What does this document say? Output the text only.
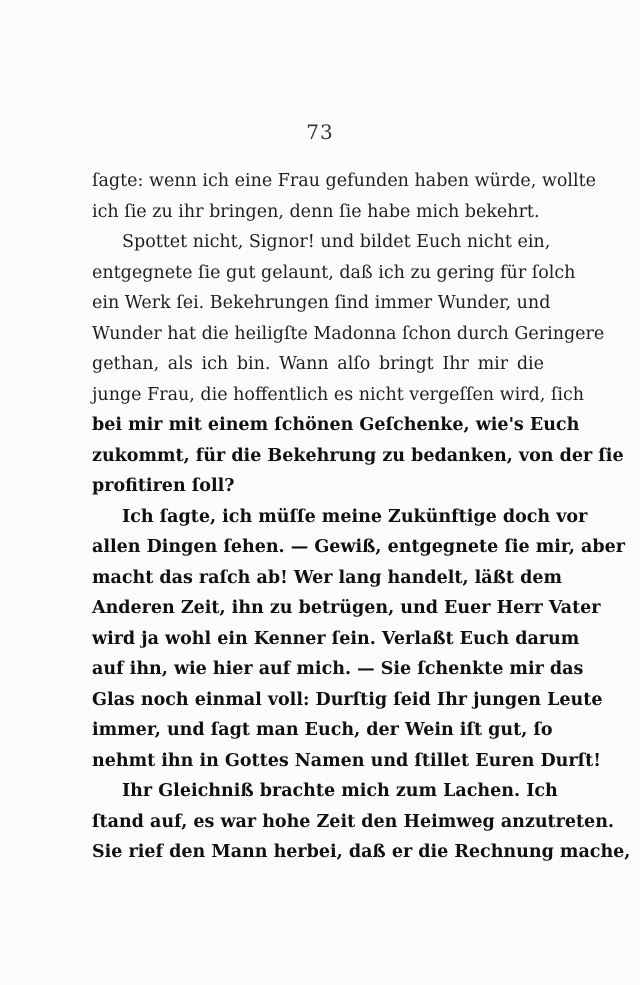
73
ſagte: wenn ich eine Frau gefunden haben würde, wollte
ich ſie zu ihr bringen, denn ſie habe mich bekehrt.
Spottet nicht, Signor! und bildet Euch nicht ein,
entgegnete ſie gut gelaunt, daß ich zu gering für ſolch
ein Werk ſei. Bekehrungen ſind immer Wunder, und
Wunder hat die heiligſte Madonna ſchon durch Geringere
gethan, als ich bin. Wann alſo bringt Ihr mir die
junge Frau, die hoffentlich es nicht vergeſſen wird, ſich
bei mir mit einem ſchönen Geſchenke, wie's Euch
zukommt, für die Bekehrung zu bedanken, von der ſie
profitiren ſoll?
Ich ſagte, ich müſſe meine Zukünftige doch vor
allen Dingen ſehen. — Gewiß, entgegnete ſie mir, aber
macht das raſch ab! Wer lang handelt, läßt dem
Anderen Zeit, ihn zu betrügen, und Euer Herr Vater
wird ja wohl ein Kenner ſein. Verlaßt Euch darum
auf ihn, wie hier auf mich. — Sie ſchenkte mir das
Glas noch einmal voll: Durſtig ſeid Ihr jungen Leute
immer, und ſagt man Euch, der Wein iſt gut, ſo
nehmt ihn in Gottes Namen und ſtillet Euren Durſt!
Ihr Gleichniß brachte mich zum Lachen. Ich
ſtand auf, es war hohe Zeit den Heimweg anzutreten.
Sie rief den Mann herbei, daß er die Rechnung mache,
